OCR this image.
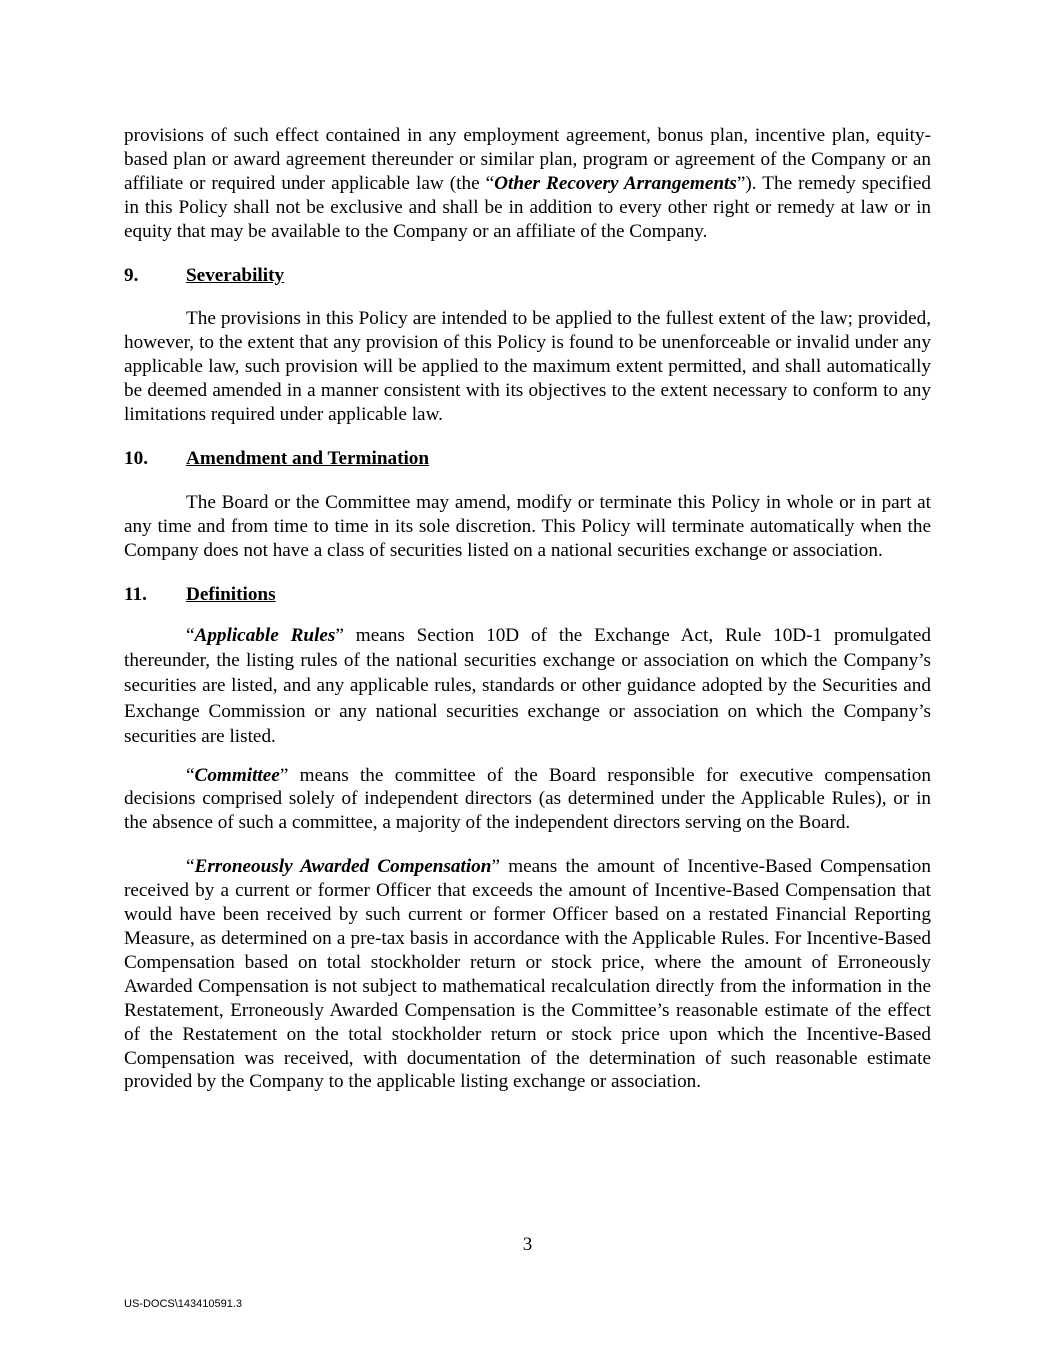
provisions of such effect contained in any employment agreement, bonus plan, incentive plan, equity-based plan or award agreement thereunder or similar plan, program or agreement of the Company or an affiliate or required under applicable law (the “Other Recovery Arrangements”). The remedy specified in this Policy shall not be exclusive and shall be in addition to every other right or remedy at law or in equity that may be available to the Company or an affiliate of the Company.

9.	Severability

The provisions in this Policy are intended to be applied to the fullest extent of the law; provided, however, to the extent that any provision of this Policy is found to be unenforceable or invalid under any applicable law, such provision will be applied to the maximum extent permitted, and shall automatically be deemed amended in a manner consistent with its objectives to the extent necessary to conform to any limitations required under applicable law.

10.	Amendment and Termination

The Board or the Committee may amend, modify or terminate this Policy in whole or in part at any time and from time to time in its sole discretion. This Policy will terminate automatically when the Company does not have a class of securities listed on a national securities exchange or association.

11.	Definitions

“Applicable Rules” means Section 10D of the Exchange Act, Rule 10D-1 promulgated thereunder, the listing rules of the national securities exchange or association on which the Company’s securities are listed, and any applicable rules, standards or other guidance adopted by the Securities and Exchange Commission or any national securities exchange or association on which the Company’s securities are listed.

“Committee” means the committee of the Board responsible for executive compensation decisions comprised solely of independent directors (as determined under the Applicable Rules), or in the absence of such a committee, a majority of the independent directors serving on the Board.

“Erroneously Awarded Compensation” means the amount of Incentive-Based Compensation received by a current or former Officer that exceeds the amount of Incentive-Based Compensation that would have been received by such current or former Officer based on a restated Financial Reporting Measure, as determined on a pre-tax basis in accordance with the Applicable Rules. For Incentive-Based Compensation based on total stockholder return or stock price, where the amount of Erroneously Awarded Compensation is not subject to mathematical recalculation directly from the information in the Restatement, Erroneously Awarded Compensation is the Committee’s reasonable estimate of the effect of the Restatement on the total stockholder return or stock price upon which the Incentive-Based Compensation was received, with documentation of the determination of such reasonable estimate provided by the Company to the applicable listing exchange or association.

3
US-DOCS\143410591.3
